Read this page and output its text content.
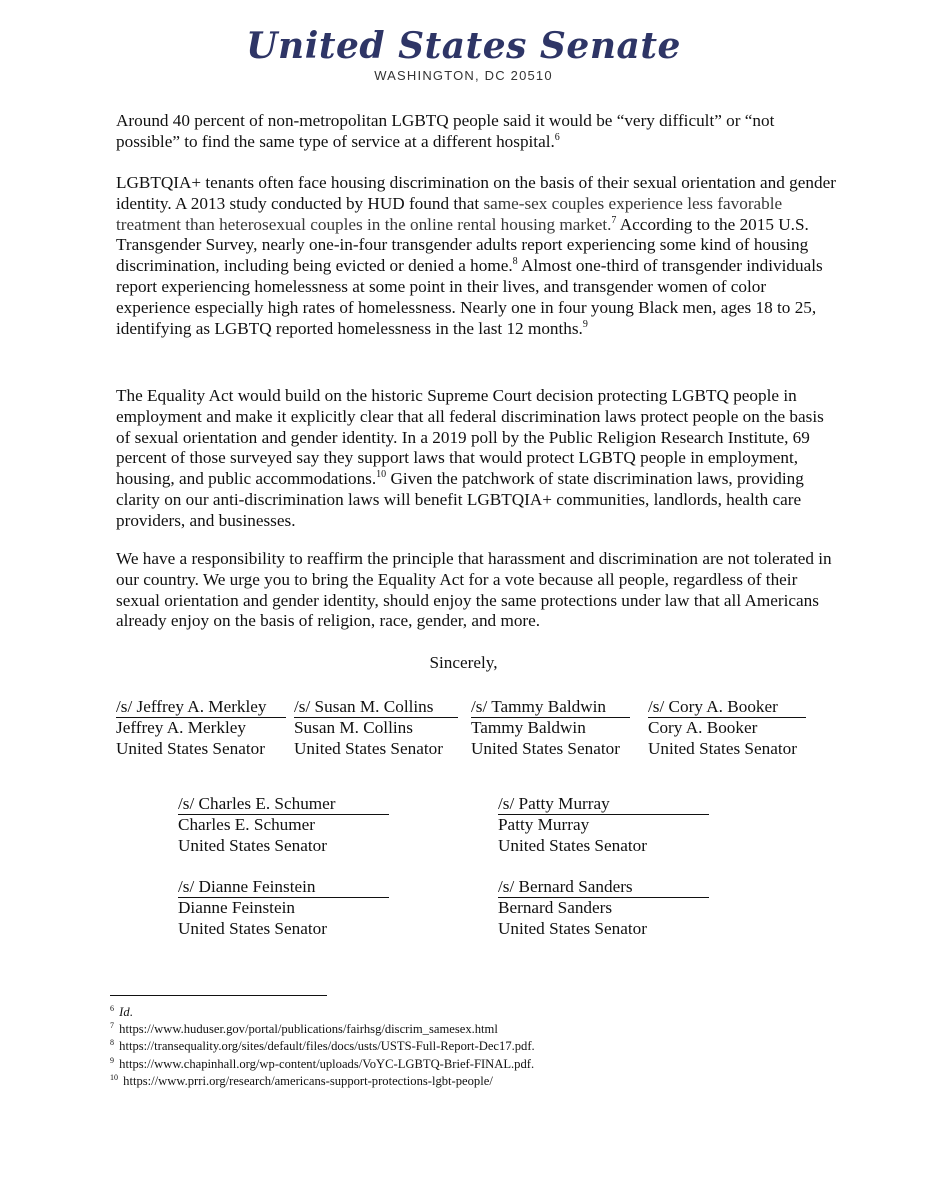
United States Senate
WASHINGTON, DC 20510

Around 40 percent of non-metropolitan LGBTQ people said it would be “very difficult” or “not possible” to find the same type of service at a different hospital.$^6$

LGBTQIA+ tenants often face housing discrimination on the basis of their sexual orientation and gender identity. A 2013 study conducted by HUD found that same-sex couples experience less favorable treatment than heterosexual couples in the online rental housing market.$^7$ According to the 2015 U.S. Transgender Survey, nearly one-in-four transgender adults report experiencing some kind of housing discrimination, including being evicted or denied a home.$^8$ Almost one-third of transgender individuals report experiencing homelessness at some point in their lives, and transgender women of color experience especially high rates of homelessness. Nearly one in four young Black men, ages 18 to 25, identifying as LGBTQ reported homelessness in the last 12 months.$^9$

The Equality Act would build on the historic Supreme Court decision protecting LGBTQ people in employment and make it explicitly clear that all federal discrimination laws protect people on the basis of sexual orientation and gender identity. In a 2019 poll by the Public Religion Research Institute, 69 percent of those surveyed say they support laws that would protect LGBTQ people in employment, housing, and public accommodations.$^{10}$ Given the patchwork of state discrimination laws, providing clarity on our anti-discrimination laws will benefit LGBTQIA+ communities, landlords, health care providers, and businesses.

We have a responsibility to reaffirm the principle that harassment and discrimination are not tolerated in our country. We urge you to bring the Equality Act for a vote because all people, regardless of their sexual orientation and gender identity, should enjoy the same protections under law that all Americans already enjoy on the basis of religion, race, gender, and more.

Sincerely,
/s/ Jeffrey A. Merkley
Jeffrey A. Merkley
United States Senator
/s/ Susan M. Collins
Susan M. Collins
United States Senator
/s/ Tammy Baldwin
Tammy Baldwin
United States Senator
/s/ Cory A. Booker
Cory A. Booker
United States Senator
/s/ Charles E. Schumer
Charles E. Schumer
United States Senator
/s/ Patty Murray
Patty Murray
United States Senator
/s/ Dianne Feinstein
Dianne Feinstein
United States Senator
/s/ Bernard Sanders
Bernard Sanders
United States Senator
$^6$ Id.
$^7$ https://www.huduser.gov/portal/publications/fairhsg/discrim_samesex.html
$^8$ https://transequality.org/sites/default/files/docs/usts/USTS-Full-Report-Dec17.pdf.
$^9$ https://www.chapinhall.org/wp-content/uploads/VoYC-LGBTQ-Brief-FINAL.pdf.
$^{10}$ https://www.prri.org/research/americans-support-protections-lgbt-people/
